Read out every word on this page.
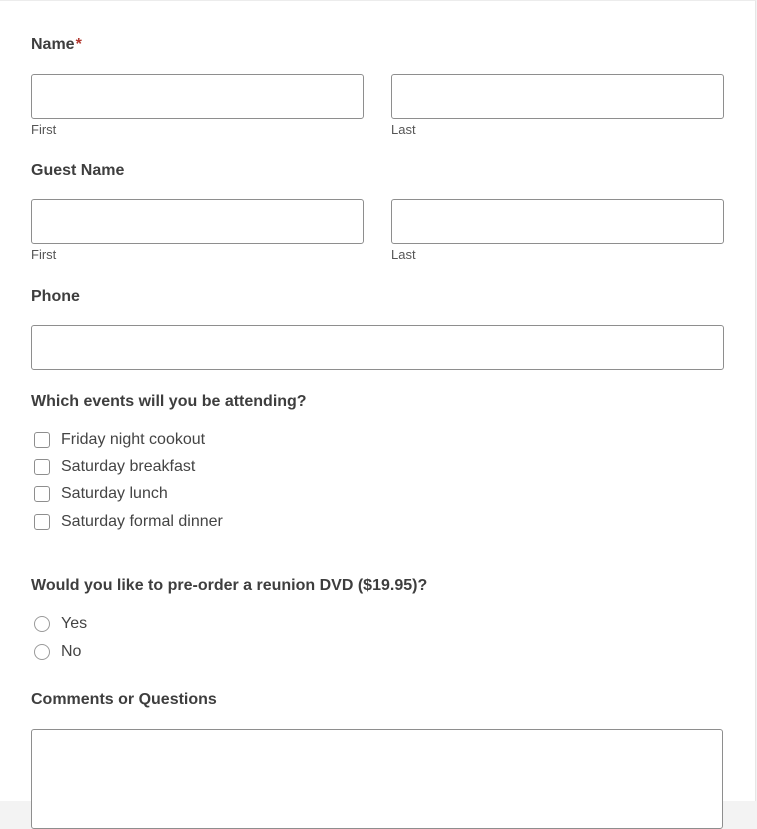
Name*
First	Last
Guest Name
First	Last
Phone
Which events will you be attending?
Friday night cookout
Saturday breakfast
Saturday lunch
Saturday formal dinner
Would you like to pre-order a reunion DVD ($19.95)?
Yes
No
Comments or Questions
